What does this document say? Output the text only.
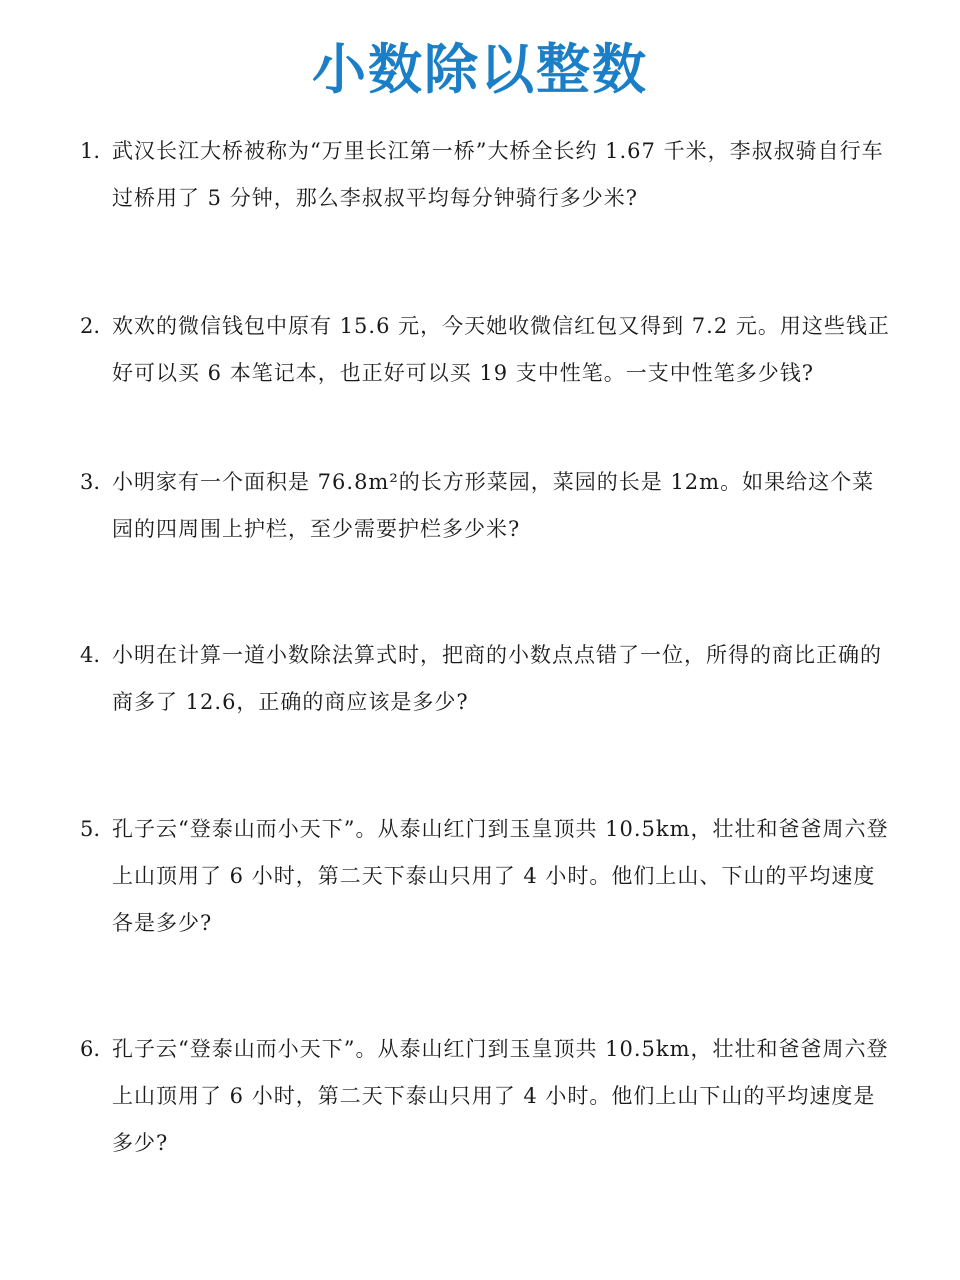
小数除以整数
1. 武汉长江大桥被称为“万里长江第一桥”大桥全长约 1.67 千米，李叔叔骑自行车过桥用了 5 分钟，那么李叔叔平均每分钟骑行多少米?
2. 欢欢的微信钱包中原有 15.6 元，今天她收微信红包又得到 7.2 元。用这些钱正好可以买 6 本笔记本，也正好可以买 19 支中性笔。一支中性笔多少钱?
3. 小明家有一个面积是 76.8m²的长方形菜园，菜园的长是 12m。如果给这个菜园的四周围上护栏，至少需要护栏多少米?
4. 小明在计算一道小数除法算式时，把商的小数点点错了一位，所得的商比正确的商多了 12.6，正确的商应该是多少?
5. 孔子云“登泰山而小天下”。从泰山红门到玉皇顶共 10.5km，壮壮和爸爸周六登上山顶用了 6 小时，第二天下泰山只用了 4 小时。他们上山、下山的平均速度各是多少?
6. 孔子云“登泰山而小天下”。从泰山红门到玉皇顶共 10.5km，壮壮和爸爸周六登上山顶用了 6 小时，第二天下泰山只用了 4 小时。他们上山下山的平均速度是多少?
